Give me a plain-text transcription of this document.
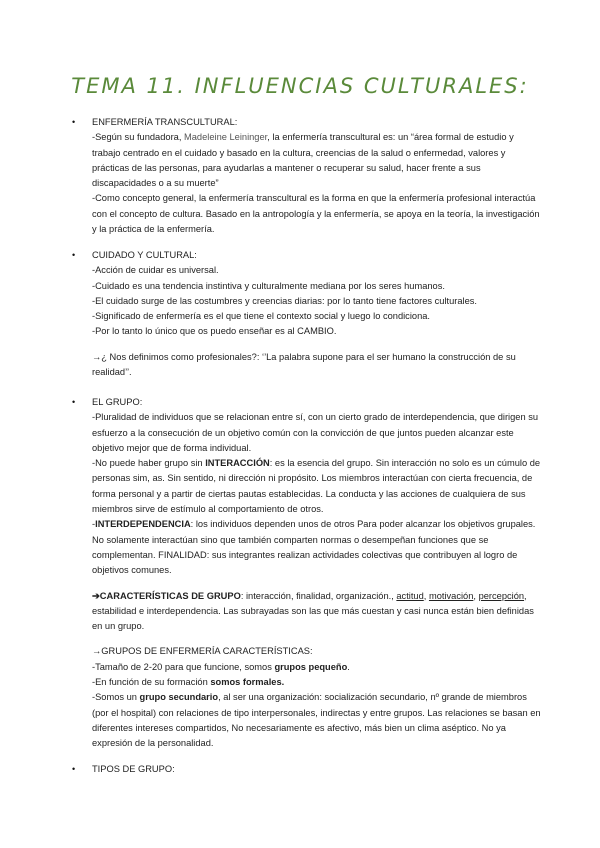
TEMA 11. INFLUENCIAS CULTURALES:
• ENFERMERÍA TRANSCULTURAL:
-Según su fundadora, Madeleine Leininger, la enfermería transcultural es: un “área formal de estudio y trabajo centrado en el cuidado y basado en la cultura, creencias de la salud o enfermedad, valores y prácticas de las personas, para ayudarlas a mantener o recuperar su salud, hacer frente a sus discapacidades o a su muerte”
-Como concepto general, la enfermería transcultural es la forma en que la enfermería profesional interactúa con el concepto de cultura. Basado en la antropología y la enfermería, se apoya en la teoría, la investigación y la práctica de la enfermería.
• CUIDADO Y CULTURAL:
-Acción de cuidar es universal.
-Cuidado es una tendencia instintiva y culturalmente mediana por los seres humanos.
-El cuidado surge de las costumbres y creencias diarias: por lo tanto tiene factores culturales.
-Significado de enfermería es el que tiene el contexto social y luego lo condiciona.
-Por lo tanto lo único que os puedo enseñar es al CAMBIO.
→¿ Nos definimos como profesionales?: ‘’La palabra supone para el ser humano la construcción de su realidad’’.
• EL GRUPO:
-Pluralidad de individuos que se relacionan entre sí, con un cierto grado de interdependencia, que dirigen su esfuerzo a la consecución de un objetivo común con la convicción de que juntos pueden alcanzar este objetivo mejor que de forma individual.
-No puede haber grupo sin INTERACCIÓN: es la esencia del grupo. Sin interacción no solo es un cúmulo de personas sim, as. Sin sentido, ni dirección ni propósito. Los miembros interactúan con cierta frecuencia, de forma personal y a partir de ciertas pautas establecidas. La conducta y las acciones de cualquiera de sus miembros sirve de estímulo al comportamiento de otros.
-INTERDEPENDENCIA: los individuos dependen unos de otros Para poder alcanzar los objetivos grupales. No solamente interactúan sino que también comparten normas o desempeñan funciones que se complementan. FINALIDAD: sus integrantes realizan actividades colectivas que contribuyen al logro de objetivos comunes.
➔CARACTERÍSTICAS DE GRUPO: interacción, finalidad, organización., actitud, motivación, percepción, estabilidad e interdependencia. Las subrayadas son las que más cuestan y casi nunca están bien definidas en un grupo.
→GRUPOS DE ENFERMERÍA CARACTERÍSTICAS:
-Tamaño de 2-20 para que funcione, somos grupos pequeño.
-En función de su formación somos formales.
-Somos un grupo secundario, al ser una organización: socialización secundario, nº grande de miembros (por el hospital) con relaciones de tipo interpersonales, indirectas y entre grupos. Las relaciones se basan en diferentes intereses compartidos, No necesariamente es afectivo, más bien un clima aséptico. No ya expresión de la personalidad.
• TIPOS DE GRUPO:
